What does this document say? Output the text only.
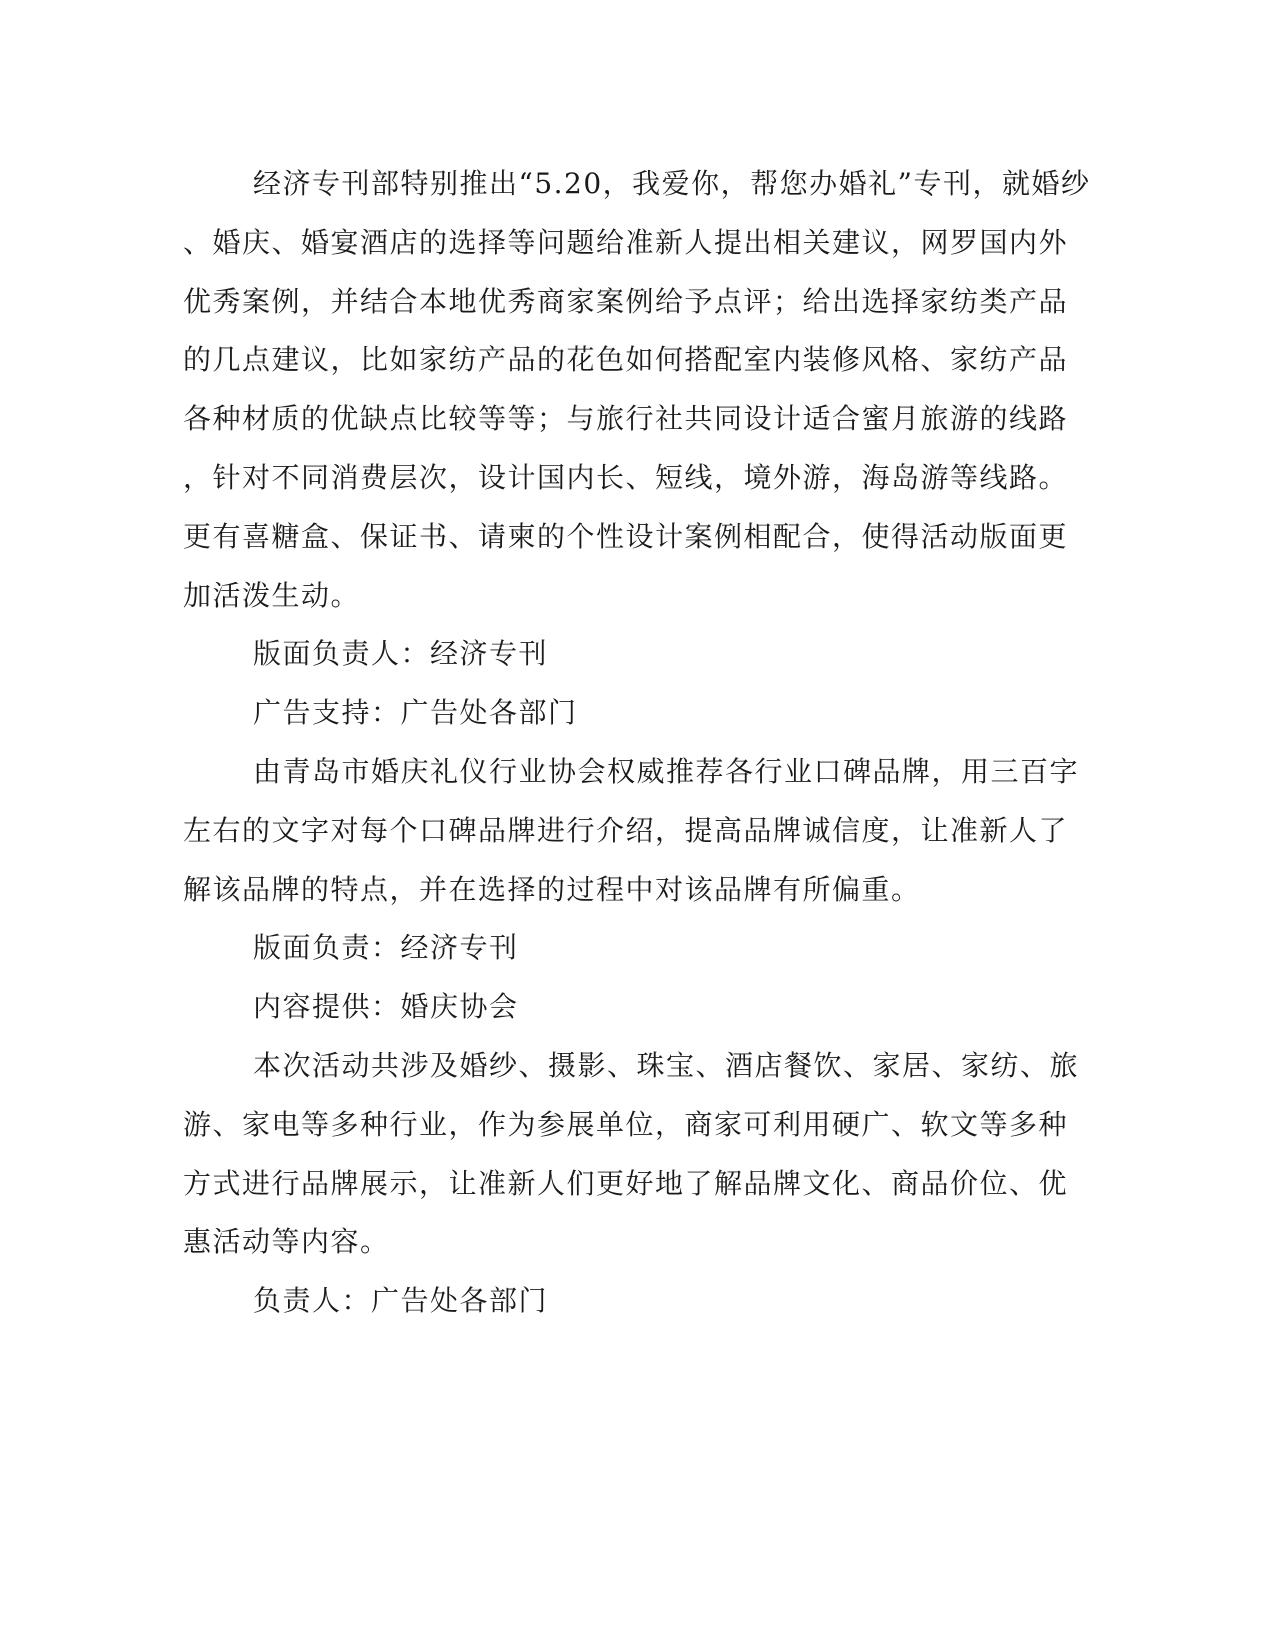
经济专刊部特别推出“5.20，我爱你，帮您办婚礼”专刊，就婚纱
、婚庆、婚宴酒店的选择等问题给准新人提出相关建议，网罗国内外
优秀案例，并结合本地优秀商家案例给予点评；给出选择家纺类产品
的几点建议，比如家纺产品的花色如何搭配室内装修风格、家纺产品
各种材质的优缺点比较等等；与旅行社共同设计适合蜜月旅游的线路
，针对不同消费层次，设计国内长、短线，境外游，海岛游等线路。
更有喜糖盒、保证书、请柬的个性设计案例相配合，使得活动版面更
加活泼生动。
版面负责人：经济专刊
广告支持：广告处各部门
由青岛市婚庆礼仪行业协会权威推荐各行业口碑品牌，用三百字
左右的文字对每个口碑品牌进行介绍，提高品牌诚信度，让准新人了
解该品牌的特点，并在选择的过程中对该品牌有所偏重。
版面负责：经济专刊
内容提供：婚庆协会
本次活动共涉及婚纱、摄影、珠宝、酒店餐饮、家居、家纺、旅
游、家电等多种行业，作为参展单位，商家可利用硬广、软文等多种
方式进行品牌展示，让准新人们更好地了解品牌文化、商品价位、优
惠活动等内容。
负责人：广告处各部门
